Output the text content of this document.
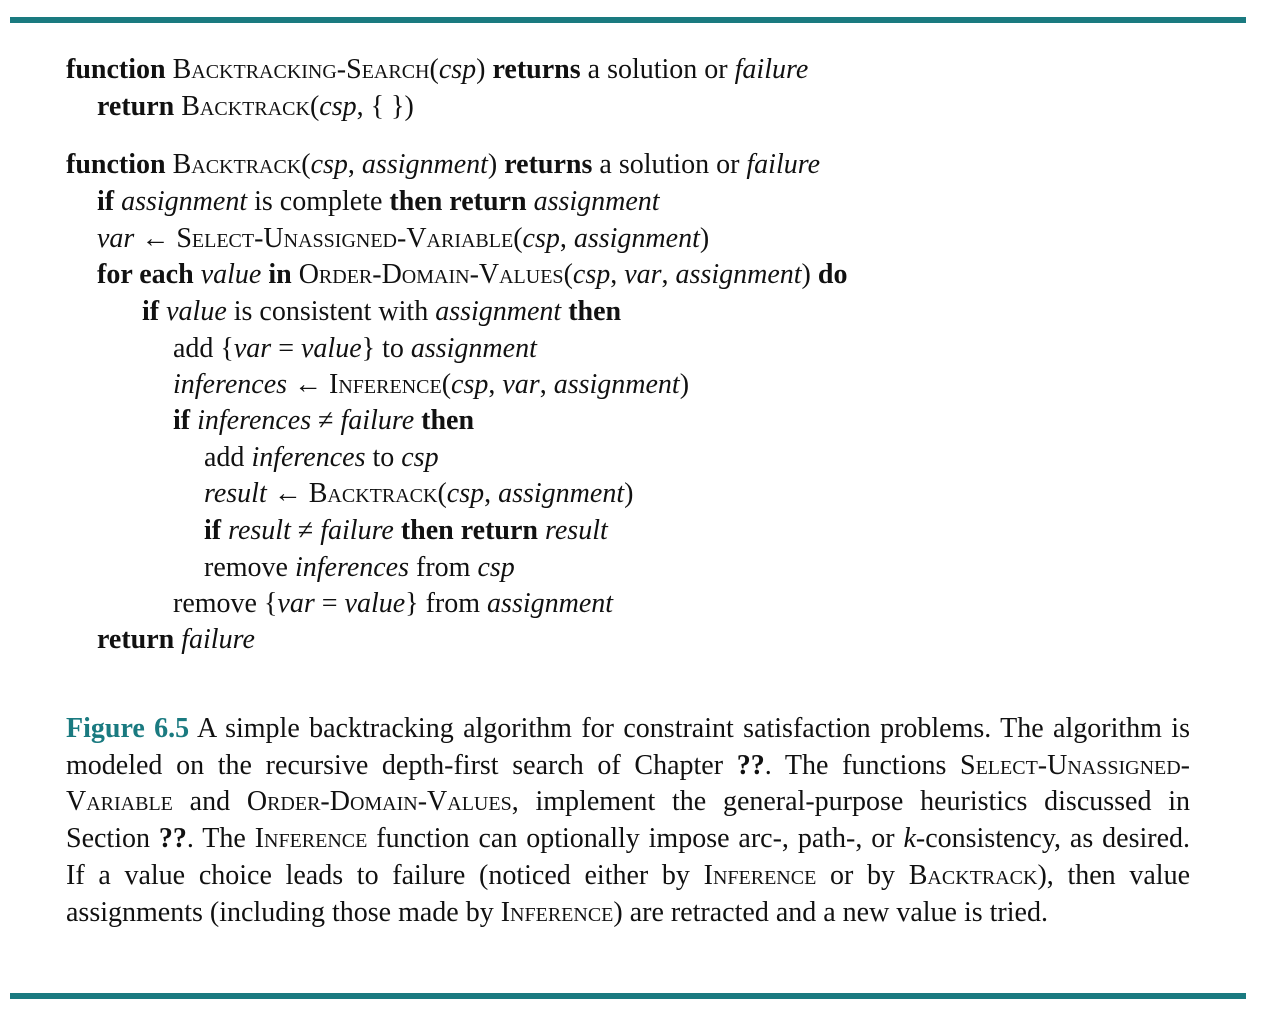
function Backtracking-Search(csp) returns a solution or failure
return Backtrack(csp, { })
function Backtrack(csp, assignment) returns a solution or failure
if assignment is complete then return assignment
var ← Select-Unassigned-Variable(csp, assignment)
for each value in Order-Domain-Values(csp, var, assignment) do
if value is consistent with assignment then
add {var = value} to assignment
inferences ← Inference(csp, var, assignment)
if inferences ≠ failure then
add inferences to csp
result ← Backtrack(csp, assignment)
if result ≠ failure then return result
remove inferences from csp
remove {var = value} from assignment
return failure
Figure 6.5 A simple backtracking algorithm for constraint satisfaction problems. The algorithm is modeled on the recursive depth-first search of Chapter ??. The functions Select-Unassigned-Variable and Order-Domain-Values, implement the general-purpose heuristics discussed in Section ??. The Inference function can optionally impose arc-, path-, or k-consistency, as desired. If a value choice leads to failure (noticed either by Inference or by Backtrack), then value assignments (including those made by Inference) are retracted and a new value is tried.
